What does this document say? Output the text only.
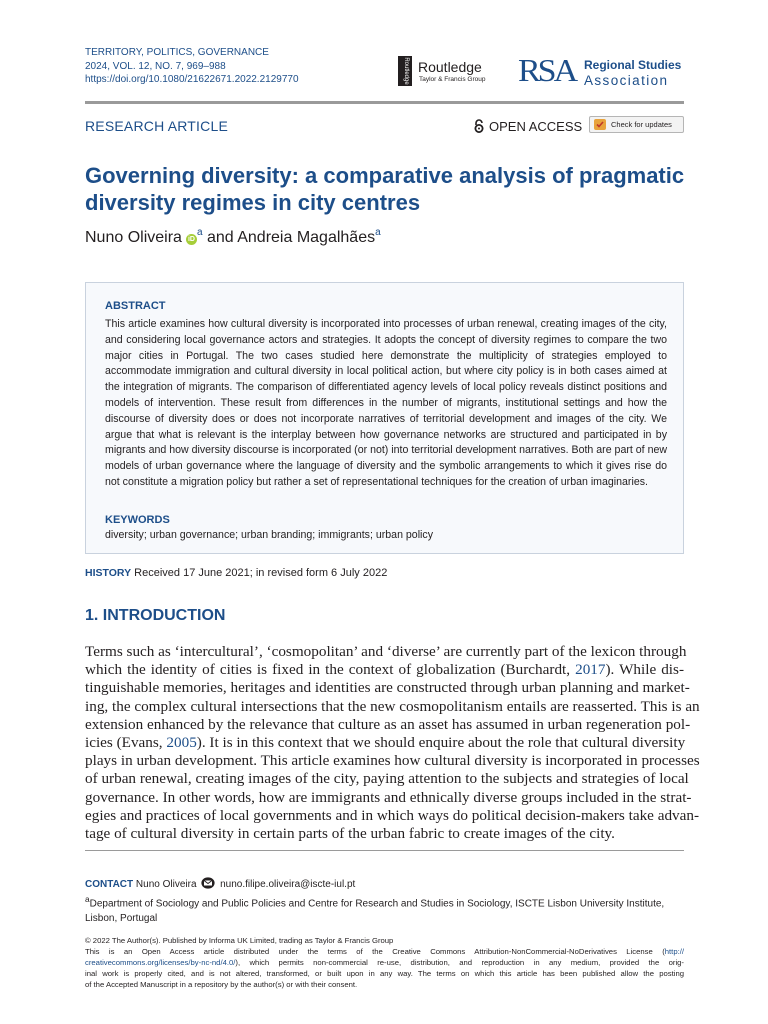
TERRITORY, POLITICS, GOVERNANCE
2024, VOL. 12, NO. 7, 969–988
https://doi.org/10.1080/21622671.2022.2129770	Routledge Routledge
Taylor & Francis Group RSA Regional Studies
Association
RESEARCH ARTICLE	OPEN ACCESS	Check for updates
Governing diversity: a comparative analysis of pragmatic diversity regimes in city centres
Nuno Oliveira $iD^a$ and Andreia Magalhães$^a$
ABSTRACT
This article examines how cultural diversity is incorporated into processes of urban renewal, creating images of the city, and considering local governance actors and strategies. It adopts the concept of diversity regimes to compare the two major cities in Portugal. The two cases studied here demonstrate the multiplicity of strategies employed to accommodate immigration and cultural diversity in local political action, but where city policy is in both cases aimed at the integration of migrants. The comparison of differentiated agency levels of local policy reveals distinct positions and models of intervention. These result from differences in the number of migrants, institutional settings and how the discourse of diversity does or does not incorporate narratives of territorial development and images of the city. We argue that what is relevant is the interplay between how governance networks are structured and participated in by migrants and how diversity discourse is incorporated (or not) into territorial development narratives. Both are part of new models of urban governance where the language of diversity and the symbolic arrangements to which it gives rise do not constitute a migration policy but rather a set of representational techniques for the creation of urban imaginaries.
KEYWORDS
diversity; urban governance; urban branding; immigrants; urban policy
HISTORY Received 17 June 2021; in revised form 6 July 2022
1. INTRODUCTION
Terms such as ‘intercultural’, ‘cosmopolitan’ and ‘diverse’ are currently part of the lexicon through
which the identity of cities is fixed in the context of globalization (Burchardt, 2017). While dis-
tinguishable memories, heritages and identities are constructed through urban planning and market-
ing, the complex cultural intersections that the new cosmopolitanism entails are reasserted. This is an
extension enhanced by the relevance that culture as an asset has assumed in urban regeneration pol-
icies (Evans, 2005). It is in this context that we should enquire about the role that cultural diversity
plays in urban development. This article examines how cultural diversity is incorporated in processes
of urban renewal, creating images of the city, paying attention to the subjects and strategies of local
governance. In other words, how are immigrants and ethnically diverse groups included in the strat-
egies and practices of local governments and in which ways do political decision-makers take advan-
tage of cultural diversity in certain parts of the urban fabric to create images of the city.
CONTACT Nuno Oliveira nuno.filipe.oliveira@iscte-iul.pt
$^a$Department of Sociology and Public Policies and Centre for Research and Studies in Sociology, ISCTE Lisbon University Institute, Lisbon, Portugal
© 2022 The Author(s). Published by Informa UK Limited, trading as Taylor & Francis Group
This is an Open Access article distributed under the terms of the Creative Commons Attribution-NonCommercial-NoDerivatives License (http://
creativecommons.org/licenses/by-nc-nd/4.0/), which permits non-commercial re-use, distribution, and reproduction in any medium, provided the orig-
inal work is properly cited, and is not altered, transformed, or built upon in any way. The terms on which this article has been published allow the posting
of the Accepted Manuscript in a repository by the author(s) or with their consent.
